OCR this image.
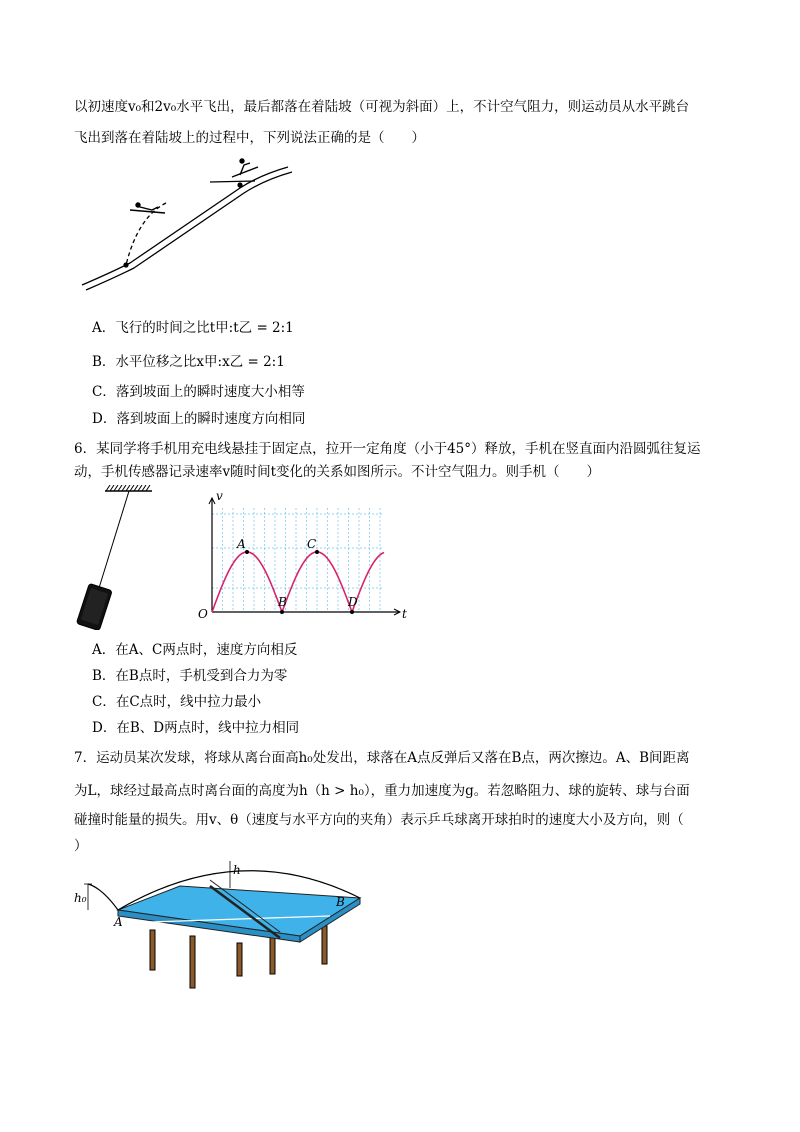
以初速度v₀和2v₀水平飞出，最后都落在着陆坡（可视为斜面）上，不计空气阻力，则运动员从水平跳台
飞出到落在着陆坡上的过程中，下列说法正确的是（　　）
A．飞行的时间之比t甲:t乙 = 2:1
B．水平位移之比x甲:x乙 = 2:1
C．落到坡面上的瞬时速度大小相等
D．落到坡面上的瞬时速度方向相同
6．某同学将手机用充电线悬挂于固定点，拉开一定角度（小于45°）释放，手机在竖直面内沿圆弧往复运
动，手机传感器记录速率v随时间t变化的关系如图所示。不计空气阻力。则手机（　　）
A
B
C
D
t
v
O
A．在A、C两点时，速度方向相反
B．在B点时，手机受到合力为零
C．在C点时，线中拉力最小
D．在B、D两点时，线中拉力相同
7．运动员某次发球，将球从离台面高h₀处发出，球落在A点反弹后又落在B点，两次擦边。A、B间距离
为L，球经过最高点时离台面的高度为h（h > h₀），重力加速度为g。若忽略阻力、球的旋转、球与台面
碰撞时能量的损失。用v、θ（速度与水平方向的夹角）表示乒乓球离开球拍时的速度大小及方向，则（
）
h₀
h
A
B
